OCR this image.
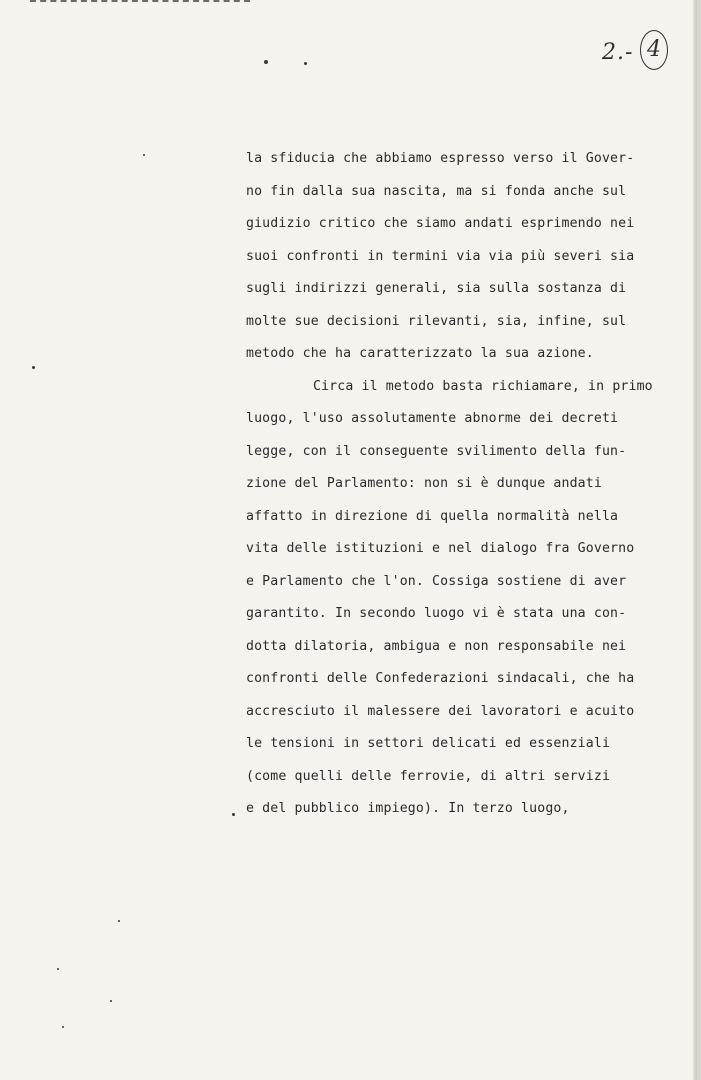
2.- 4
la sfiducia che abbiamo espresso verso il Gover-
no fin dalla sua nascita, ma si fonda anche sul
giudizio critico che siamo andati esprimendo nei
suoi confronti in termini via via più severi sia
sugli indirizzi generali, sia sulla sostanza di
molte sue decisioni rilevanti, sia, infine, sul
metodo che ha caratterizzato la sua azione.
Circa il metodo basta richiamare, in primo
luogo, l'uso assolutamente abnorme dei decreti
legge, con il conseguente svilimento della fun-
zione del Parlamento: non si è dunque andati
affatto in direzione di quella normalità nella
vita delle istituzioni e nel dialogo fra Governo
e Parlamento che l'on. Cossiga sostiene di aver
garantito. In secondo luogo vi è stata una con-
dotta dilatoria, ambigua e non responsabile nei
confronti delle Confederazioni sindacali, che ha
accresciuto il malessere dei lavoratori e acuito
le tensioni in settori delicati ed essenziali
(come quelli delle ferrovie, di altri servizi
e del pubblico impiego). In terzo luogo,
